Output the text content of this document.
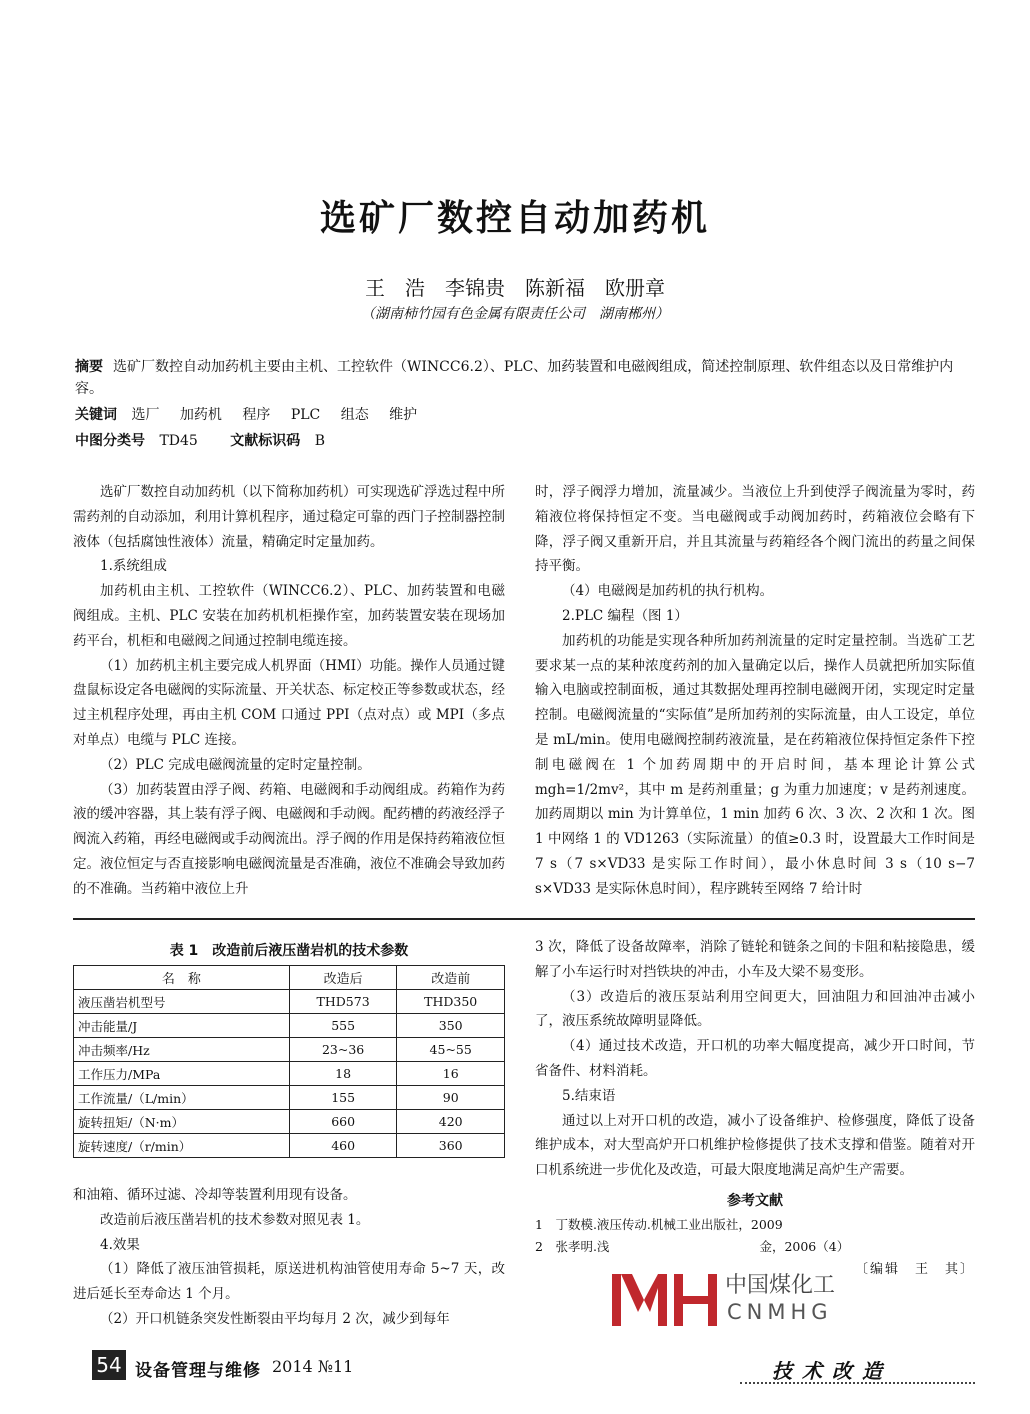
选矿厂数控自动加药机
王　浩　李锦贵　陈新福　欧册章
（湖南柿竹园有色金属有限责任公司　湖南郴州）
摘要 选矿厂数控自动加药机主要由主机、工控软件（WINCC6.2）、PLC、加药装置和电磁阀组成，简述控制原理、软件组态以及日常维护内容。
关键词 选厂 加药机 程序 PLC 组态 维护
中图分类号 TD45 文献标识码 B

选矿厂数控自动加药机（以下简称加药机）可实现选矿浮选过程中所需药剂的自动添加，利用计算机程序，通过稳定可靠的西门子控制器控制液体（包括腐蚀性液体）流量，精确定时定量加药。

1.系统组成

加药机由主机、工控软件（WINCC6.2）、PLC、加药装置和电磁阀组成。主机、PLC 安装在加药机机柜操作室，加药装置安装在现场加药平台，机柜和电磁阀之间通过控制电缆连接。

（1）加药机主机主要完成人机界面（HMI）功能。操作人员通过键盘鼠标设定各电磁阀的实际流量、开关状态、标定校正等参数或状态，经过主机程序处理，再由主机 COM 口通过 PPI（点对点）或 MPI（多点对单点）电缆与 PLC 连接。

（2）PLC 完成电磁阀流量的定时定量控制。

（3）加药装置由浮子阀、药箱、电磁阀和手动阀组成。药箱作为药液的缓冲容器，其上装有浮子阀、电磁阀和手动阀。配药槽的药液经浮子阀流入药箱，再经电磁阀或手动阀流出。浮子阀的作用是保持药箱液位恒定。液位恒定与否直接影响电磁阀流量是否准确，液位不准确会导致加药的不准确。当药箱中液位上升

时，浮子阀浮力增加，流量减少。当液位上升到使浮子阀流量为零时，药箱液位将保持恒定不变。当电磁阀或手动阀加药时，药箱液位会略有下降，浮子阀又重新开启，并且其流量与药箱经各个阀门流出的药量之间保持平衡。

（4）电磁阀是加药机的执行机构。

2.PLC 编程（图 1）

加药机的功能是实现各种所加药剂流量的定时定量控制。当选矿工艺要求某一点的某种浓度药剂的加入量确定以后，操作人员就把所加实际值输入电脑或控制面板，通过其数据处理再控制电磁阀开闭，实现定时定量控制。电磁阀流量的“实际值”是所加药剂的实际流量，由人工设定，单位是 mL/min。使用电磁阀控制药液流量，是在药箱液位保持恒定条件下控制电磁阀在 1 个加药周期中的开启时间，基本理论计算公式 mgh=1/2mv²，其中 m 是药剂重量；g 为重力加速度；v 是药剂速度。加药周期以 min 为计算单位，1 min 加药 6 次、3 次、2 次和 1 次。图 1 中网络 1 的 VD1263（实际流量）的值≥0.3 时，设置最大工作时间是 7 s（7 s×VD33 是实际工作时间），最小休息时间 3 s（10 s−7 s×VD33 是实际休息时间），程序跳转至网络 7 给计时

表 1　改造前后液压凿岩机的技术参数
名　称	改造后	改造前
液压凿岩机型号	THD573	THD350
冲击能量/J	555	350
冲击频率/Hz	23~36	45~55
工作压力/MPa	18	16
工作流量/（L/min）	155	90
旋转扭矩/（N·m）	660	420
旋转速度/（r/min）	460	360

和油箱、循环过滤、冷却等装置利用现有设备。

改造前后液压凿岩机的技术参数对照见表 1。

4.效果

（1）降低了液压油管损耗，原送进机构油管使用寿命 5~7 天，改进后延长至寿命达 1 个月。

（2）开口机链条突发性断裂由平均每月 2 次，减少到每年

3 次，降低了设备故障率，消除了链轮和链条之间的卡阻和粘接隐患，缓解了小车运行时对挡铁块的冲击，小车及大梁不易变形。

（3）改造后的液压泵站利用空间更大，回油阻力和回油冲击减小了，液压系统故障明显降低。

（4）通过技术改造，开口机的功率大幅度提高，减少开口时间，节省备件、材料消耗。

5.结束语

通过以上对开口机的改造，减小了设备维护、检修强度，降低了设备维护成本，对大型高炉开口机维护检修提供了技术支撑和借鉴。随着对开口机系统进一步优化及改造，可最大限度地满足高炉生产需要。

参考文献
1　丁数模.液压传动.机械工业出版社，2009
2　张孝明.浅	金，2006（4）
〔编辑　王　其〕
中国煤化工
CNMHG
54 设备管理与维修 2014 №11	技术改造
